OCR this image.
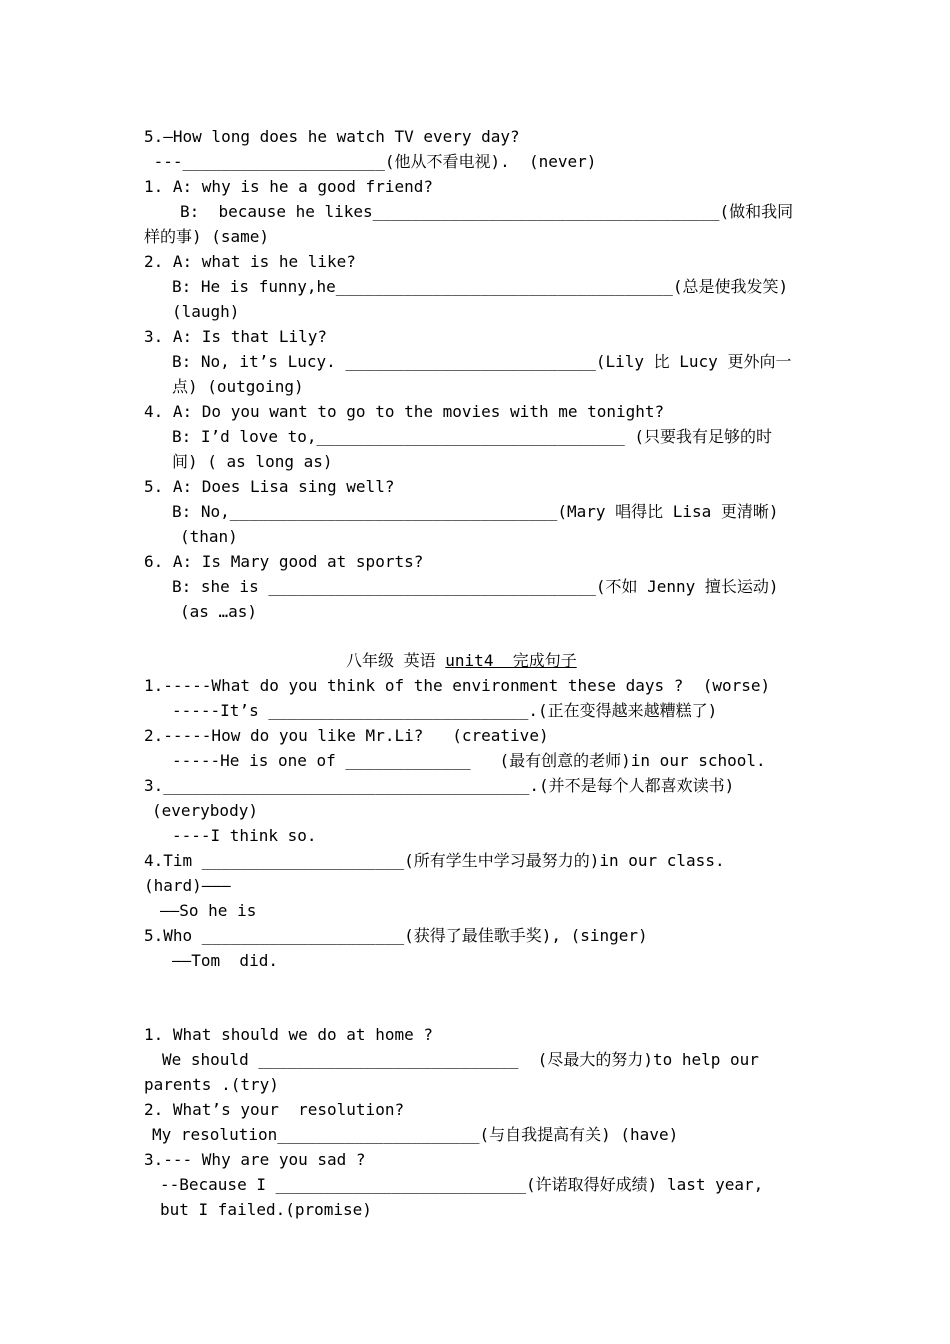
5.—How long does he watch TV every day?
---_____________________(他从不看电视).  (never)
1. A: why is he a good friend?
B:  because he likes____________________________________(做和我同
样的事) (same)
2. A: what is he like?
B: He is funny,he___________________________________(总是使我发笑)
(laugh)
3. A: Is that Lily?
B: No, it’s Lucy. __________________________(Lily 比 Lucy 更外向一
点) (outgoing)
4. A: Do you want to go to the movies with me tonight?
B: I’d love to,________________________________ (只要我有足够的时
间) ( as long as)
5. A: Does Lisa sing well?
B: No,__________________________________(Mary 唱得比 Lisa 更清晰)
(than)
6. A: Is Mary good at sports?
B: she is __________________________________(不如 Jenny 擅长运动)
(as …as)
八年级 英语 unit4  完成句子
1.-----What do you think of the environment these days ?  (worse)
-----It’s ___________________________.(正在变得越来越糟糕了)
2.-----How do you like Mr.Li?   (creative)
-----He is one of _____________   (最有创意的老师)in our school.
3.______________________________________.(并不是每个人都喜欢读书)
(everybody)
----I think so.
4.Tim _____________________(所有学生中学习最努力的)in our class.
(hard)———
——So he is
5.Who _____________________(获得了最佳歌手奖), (singer)
——Tom  did.
1. What should we do at home ?
We should ___________________________  (尽最大的努力)to help our
parents .(try)
2. What’s your  resolution?
My resolution_____________________(与自我提高有关) (have)
3.--- Why are you sad ?
--Because I __________________________(许诺取得好成绩) last year,
but I failed.(promise)
